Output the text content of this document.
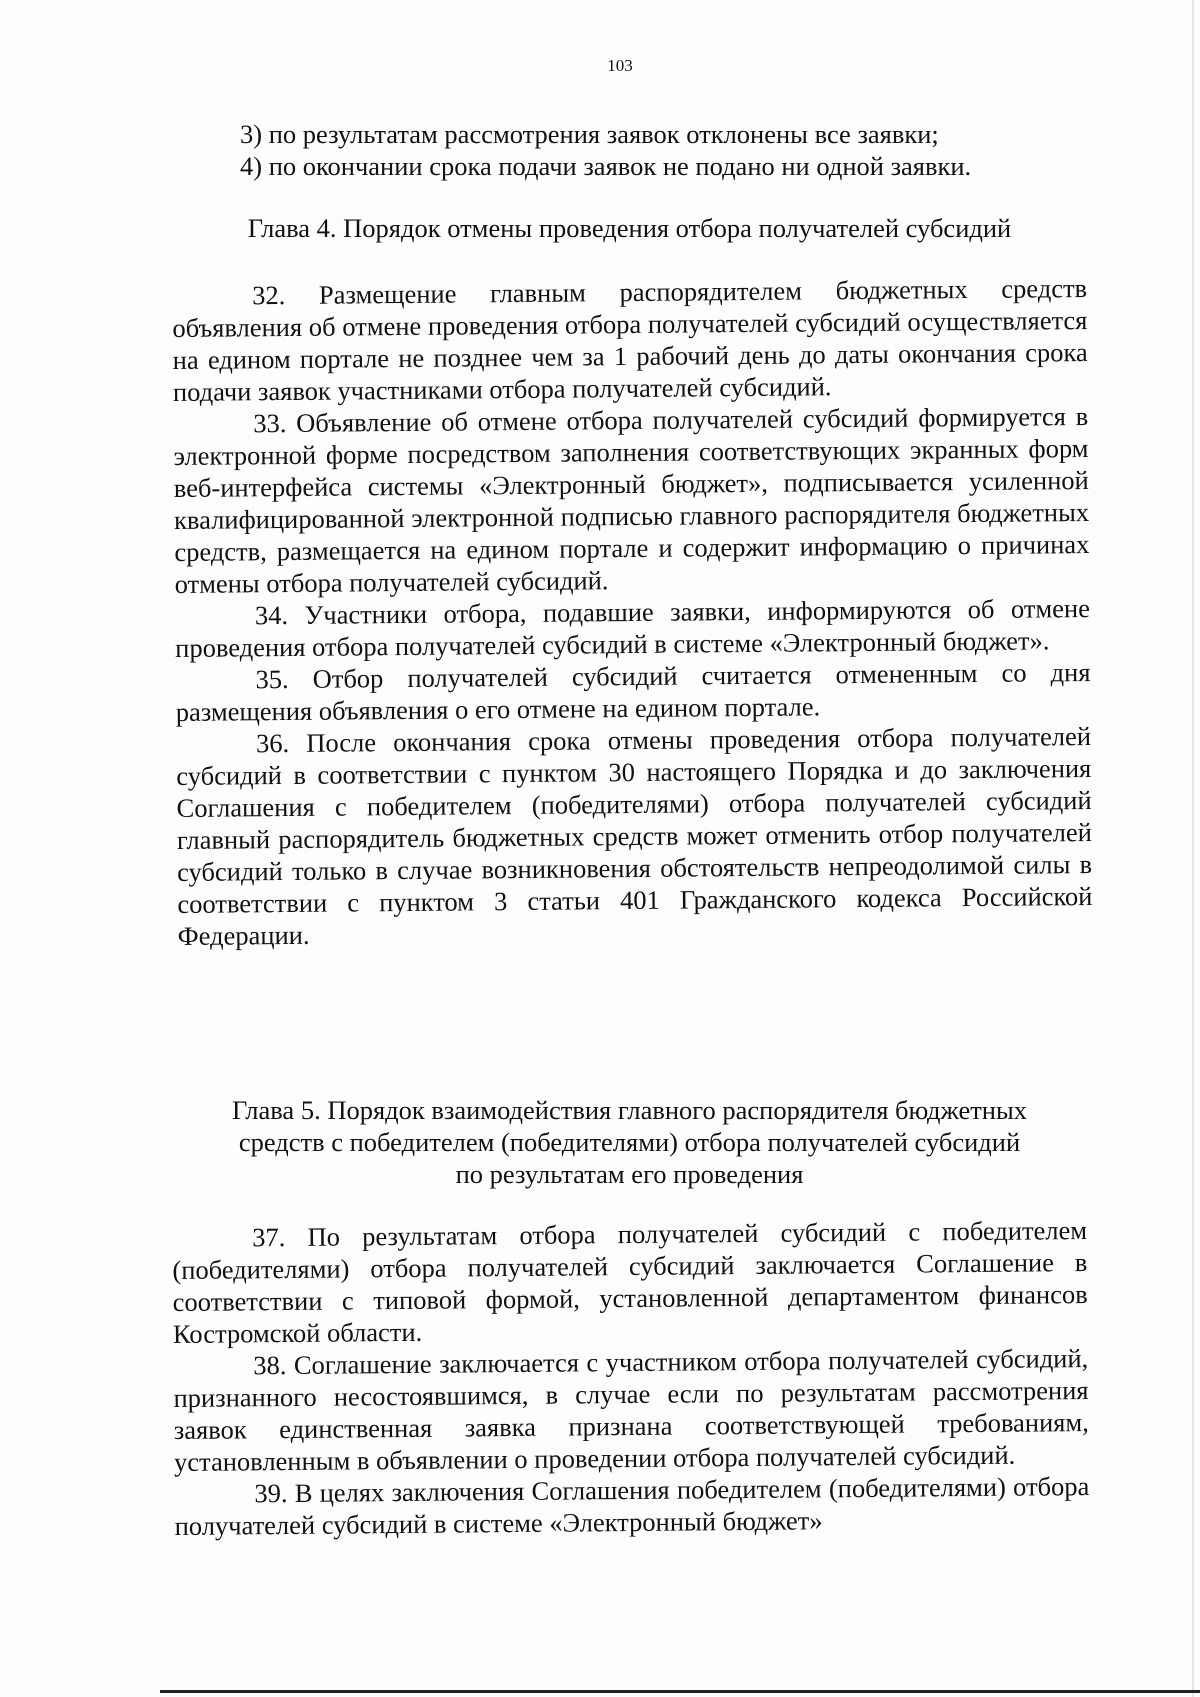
103

3) по результатам рассмотрения заявок отклонены все заявки;

4) по окончании срока подачи заявок не подано ни одной заявки.

Глава 4. Порядок отмены проведения отбора получателей субсидий

32. Размещение главным распорядителем бюджетных средств объявления об отмене проведения отбора получателей субсидий осуществляется на едином портале не позднее чем за 1 рабочий день до даты окончания срока подачи заявок участниками отбора получателей субсидий.

33. Объявление об отмене отбора получателей субсидий формируется в электронной форме посредством заполнения соответствующих экранных форм веб-интерфейса системы «Электронный бюджет», подписывается усиленной квалифицированной электронной подписью главного распорядителя бюджетных средств, размещается на едином портале и содержит информацию о причинах отмены отбора получателей субсидий.

34. Участники отбора, подавшие заявки, информируются об отмене проведения отбора получателей субсидий в системе «Электронный бюджет».

35. Отбор получателей субсидий считается отмененным со дня размещения объявления о его отмене на едином портале.

36. После окончания срока отмены проведения отбора получателей субсидий в соответствии с пунктом 30 настоящего Порядка и до заключения Соглашения с победителем (победителями) отбора получателей субсидий главный распорядитель бюджетных средств может отменить отбор получателей субсидий только в случае возникновения обстоятельств непреодолимой силы в соответствии с пунктом 3 статьи 401 Гражданского кодекса Российской Федерации.

Глава 5. Порядок взаимодействия главного распорядителя бюджетных

средств с победителем (победителями) отбора получателей субсидий

по результатам его проведения

37. По результатам отбора получателей субсидий с победителем (победителями) отбора получателей субсидий заключается Соглашение в соответствии с типовой формой, установленной департаментом финансов Костромской области.

38. Соглашение заключается с участником отбора получателей субсидий, признанного несостоявшимся, в случае если по результатам рассмотрения заявок единственная заявка признана соответствующей требованиям, установленным в объявлении о проведении отбора получателей субсидий.

39. В целях заключения Соглашения победителем (победителями) отбора получателей субсидий в системе «Электронный бюджет»
